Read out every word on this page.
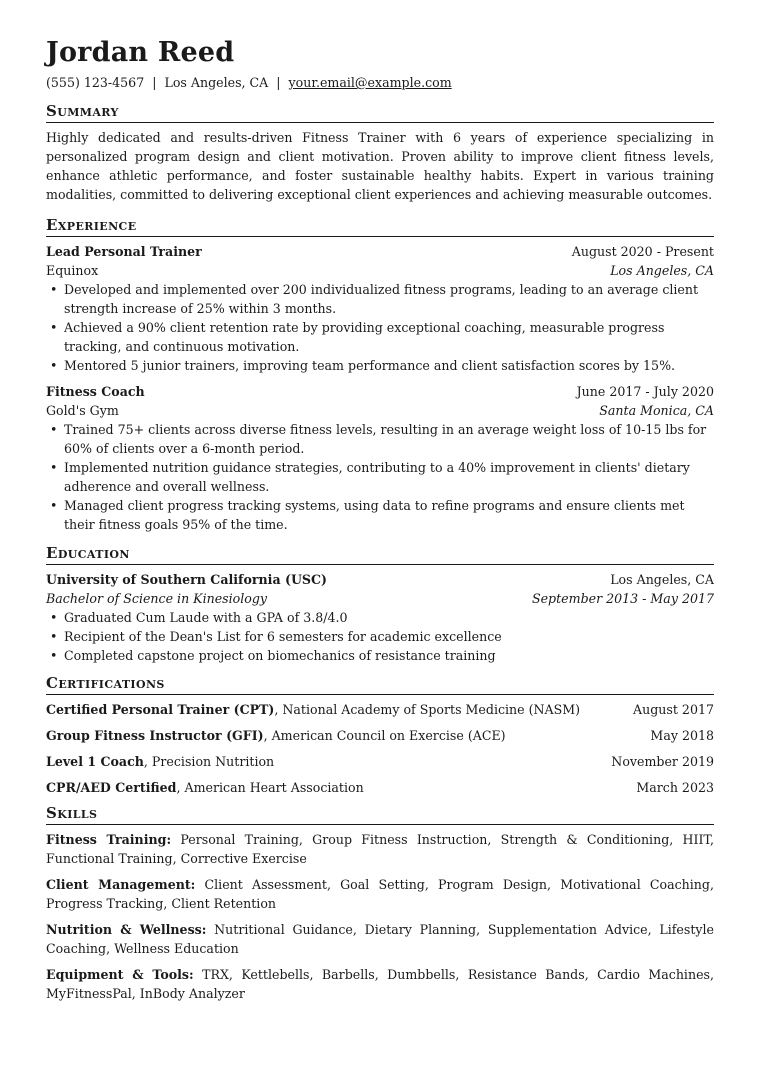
Jordan Reed
(555) 123-4567 | Los Angeles, CA | your.email@example.com
Summary
Highly dedicated and results-driven Fitness Trainer with 6 years of experience specializing in personalized program design and client motivation. Proven ability to improve client fitness levels, enhance athletic performance, and foster sustainable healthy habits. Expert in various training modalities, committed to delivering exceptional client experiences and achieving measurable outcomes.
Experience
Lead Personal Trainer	August 2020 - Present
Equinox	Los Angeles, CA
• Developed and implemented over 200 individualized fitness programs, leading to an average client strength increase of 25% within 3 months.
• Achieved a 90% client retention rate by providing exceptional coaching, measurable progress tracking, and continuous motivation.
• Mentored 5 junior trainers, improving team performance and client satisfaction scores by 15%.
Fitness Coach	June 2017 - July 2020
Gold's Gym	Santa Monica, CA
• Trained 75+ clients across diverse fitness levels, resulting in an average weight loss of 10-15 lbs for 60% of clients over a 6-month period.
• Implemented nutrition guidance strategies, contributing to a 40% improvement in clients' dietary adherence and overall wellness.
• Managed client progress tracking systems, using data to refine programs and ensure clients met their fitness goals 95% of the time.
Education
University of Southern California (USC)	Los Angeles, CA
Bachelor of Science in Kinesiology	September 2013 - May 2017
• Graduated Cum Laude with a GPA of 3.8/4.0
• Recipient of the Dean's List for 6 semesters for academic excellence
• Completed capstone project on biomechanics of resistance training
Certifications
Certified Personal Trainer (CPT), National Academy of Sports Medicine (NASM)	August 2017
Group Fitness Instructor (GFI), American Council on Exercise (ACE)	May 2018
Level 1 Coach, Precision Nutrition	November 2019
CPR/AED Certified, American Heart Association	March 2023
Skills
Fitness Training: Personal Training, Group Fitness Instruction, Strength & Conditioning, HIIT, Functional Training, Corrective Exercise
Client Management: Client Assessment, Goal Setting, Program Design, Motivational Coaching, Progress Tracking, Client Retention
Nutrition & Wellness: Nutritional Guidance, Dietary Planning, Supplementation Advice, Lifestyle Coaching, Wellness Education
Equipment & Tools: TRX, Kettlebells, Barbells, Dumbbells, Resistance Bands, Cardio Machines, MyFitnessPal, InBody Analyzer
